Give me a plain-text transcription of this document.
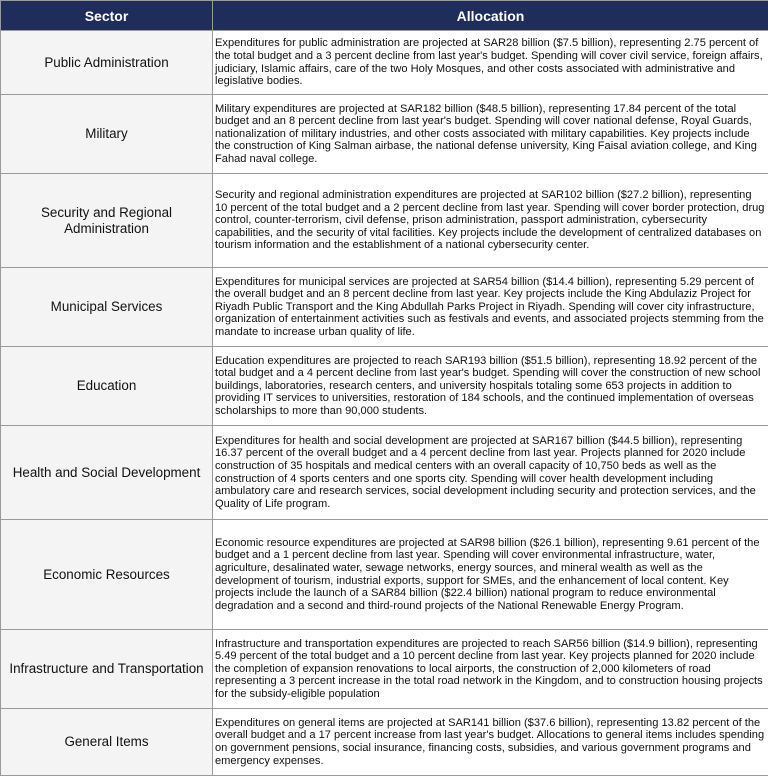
Sector	Allocation
Public Administration	Expenditures for public administration are projected at SAR28 billion ($7.5 billion), representing 2.75 percent of the total budget and a 3 percent decline from last year's budget. Spending will cover civil service, foreign affairs, judiciary, Islamic affairs, care of the two Holy Mosques, and other costs associated with administrative and legislative bodies.
Military	Military expenditures are projected at SAR182 billion ($48.5 billion), representing 17.84 percent of the total budget and an 8 percent decline from last year's budget. Spending will cover national defense, Royal Guards, nationalization of military industries, and other costs associated with military capabilities. Key projects include the construction of King Salman airbase, the national defense university, King Faisal aviation college, and King Fahad naval college.
Security and Regional Administration	Security and regional administration expenditures are projected at SAR102 billion ($27.2 billion), representing 10 percent of the total budget and a 2 percent decline from last year. Spending will cover border protection, drug control, counter-terrorism, civil defense, prison administration, passport administration, cybersecurity capabilities, and the security of vital facilities. Key projects include the development of centralized databases on tourism information and the establishment of a national cybersecurity center.
Municipal Services	Expenditures for municipal services are projected at SAR54 billion ($14.4 billion), representing 5.29 percent of the overall budget and an 8 percent decline from last year. Key projects include the King Abdulaziz Project for Riyadh Public Transport and the King Abdullah Parks Project in Riyadh. Spending will cover city infrastructure, organization of entertainment activities such as festivals and events, and associated projects stemming from the mandate to increase urban quality of life.
Education	Education expenditures are projected to reach SAR193 billion ($51.5 billion), representing 18.92 percent of the total budget and a 4 percent decline from last year's budget. Spending will cover the construction of new school buildings, laboratories, research centers, and university hospitals totaling some 653 projects in addition to providing IT services to universities, restoration of 184 schools, and the continued implementation of overseas scholarships to more than 90,000 students.
Health and Social Development	Expenditures for health and social development are projected at SAR167 billion ($44.5 billion), representing 16.37 percent of the overall budget and a 4 percent decline from last year. Projects planned for 2020 include construction of 35 hospitals and medical centers with an overall capacity of 10,750 beds as well as the construction of 4 sports centers and one sports city. Spending will cover health development including ambulatory care and research services, social development including security and protection services, and the Quality of Life program.
Economic Resources	Economic resource expenditures are projected at SAR98 billion ($26.1 billion), representing 9.61 percent of the budget and a 1 percent decline from last year. Spending will cover environmental infrastructure, water, agriculture, desalinated water, sewage networks, energy sources, and mineral wealth as well as the development of tourism, industrial exports, support for SMEs, and the enhancement of local content. Key projects include the launch of a SAR84 billion ($22.4 billion) national program to reduce environmental degradation and a second and third-round projects of the National Renewable Energy Program.
Infrastructure and Transportation	Infrastructure and transportation expenditures are projected to reach SAR56 billion ($14.9 billion), representing 5.49 percent of the total budget and a 10 percent decline from last year. Key projects planned for 2020 include the completion of expansion renovations to local airports, the construction of 2,000 kilometers of road representing a 3 percent increase in the total road network in the Kingdom, and to construction housing projects for the subsidy-eligible population
General Items	Expenditures on general items are projected at SAR141 billion ($37.6 billion), representing 13.82 percent of the overall budget and a 17 percent increase from last year's budget. Allocations to general items includes spending on government pensions, social insurance, financing costs, subsidies, and various government programs and emergency expenses.
